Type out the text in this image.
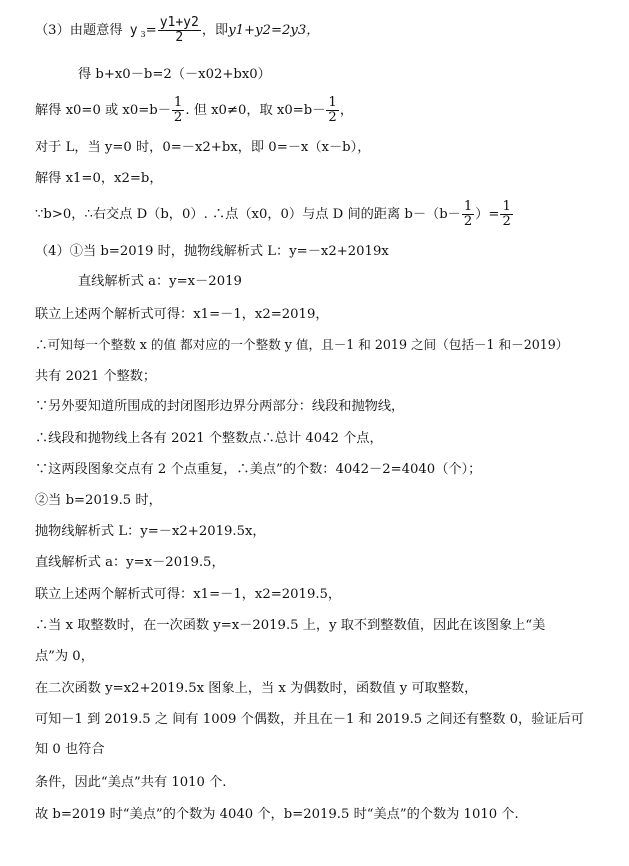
（3）由题意得 y $_3= \frac{y1+y2}{2}$ ，即y1+y2=2y3，
得 b+x0－b=2（－x02+bx0）
解得 x0=0 或 $x0=b- \frac{1}{2}$ . 但 x0≠0，取 $x0=b- \frac{1}{2}$ ，
对于 L，当 y=0 时，0=－x2+bx，即 0=－x（x－b），
解得 x1=0，x2=b，
∵b>0，∴右交点 D（b，0）. ∴点（x0，0）与点 D 间的距离 $b-(b- \frac{1}{2}$ ）= $\frac{1}{2}$
（4）①当 b=2019 时，抛物线解析式 L：y=－x2+2019x
直线解析式 a：y=x－2019
联立上述两个解析式可得：x1=－1，x2=2019，
∴可知每一个整数 x 的值 都对应的一个整数 y 值，且－1 和 2019 之间（包括－1 和－2019）
共有 2021 个整数；
∵另外要知道所围成的封闭图形边界分两部分：线段和抛物线，
∴线段和抛物线上各有 2021 个整数点∴总计 4042 个点，
∵这两段图象交点有 2 个点重复，∴美点”的个数：4042－2=4040（个）；
②当 b=2019.5 时，
抛物线解析式 L：y=－x2+2019.5x，
直线解析式 a：y=x－2019.5，
联立上述两个解析式可得：x1=－1，x2=2019.5，
∴当 x 取整数时，在一次函数 y=x－2019.5 上，y 取不到整数值，因此在该图象上“美
点”为 0，
在二次函数 y=x2+2019.5x 图象上，当 x 为偶数时，函数值 y 可取整数，
可知－1 到 2019.5 之 间有 1009 个偶数，并且在－1 和 2019.5 之间还有整数 0，验证后可
知 0 也符合
条件，因此“美点”共有 1010 个.
故 b=2019 时“美点”的个数为 4040 个，b=2019.5 时“美点”的个数为 1010 个.
